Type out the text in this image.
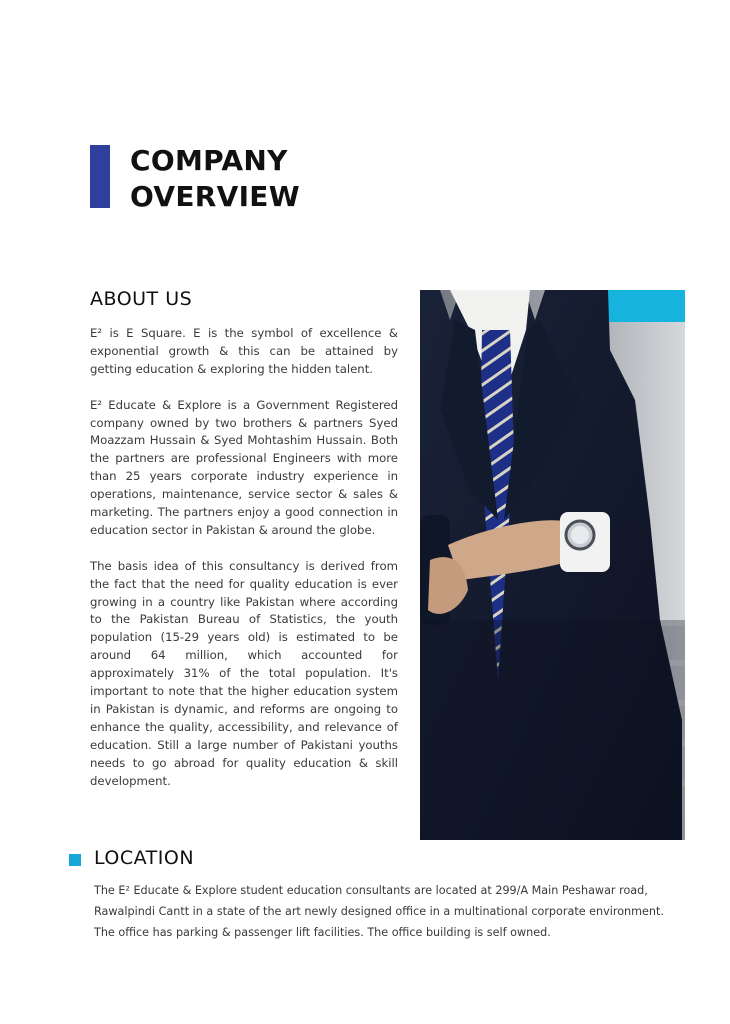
COMPANY
OVERVIEW
ABOUT US

E² is E Square. E is the symbol of excellence & exponential growth & this can be attained by getting education & exploring the hidden talent.

E² Educate & Explore is a Government Registered company owned by two brothers & partners Syed Moazzam Hussain & Syed Mohtashim Hussain. Both the partners are professional Engineers with more than 25 years corporate industry experience in operations, maintenance, service sector & sales & marketing. The partners enjoy a good connection in education sector in Pakistan & around the globe.

The basis idea of this consultancy is derived from the fact that the need for quality education is ever growing in a country like Pakistan where according to the Pakistan Bureau of Statistics, the youth population (15-29 years old) is estimated to be around 64 million, which accounted for approximately 31% of the total population. It's important to note that the higher education system in Pakistan is dynamic, and reforms are ongoing to enhance the quality, accessibility, and relevance of education. Still a large number of Pakistani youths needs to go abroad for quality education & skill development.

LOCATION

The E² Educate & Explore student education consultants are located at 299/A Main Peshawar road, Rawalpindi Cantt in a state of the art newly designed office in a multinational corporate environment. The office has parking & passenger lift facilities. The office building is self owned.
